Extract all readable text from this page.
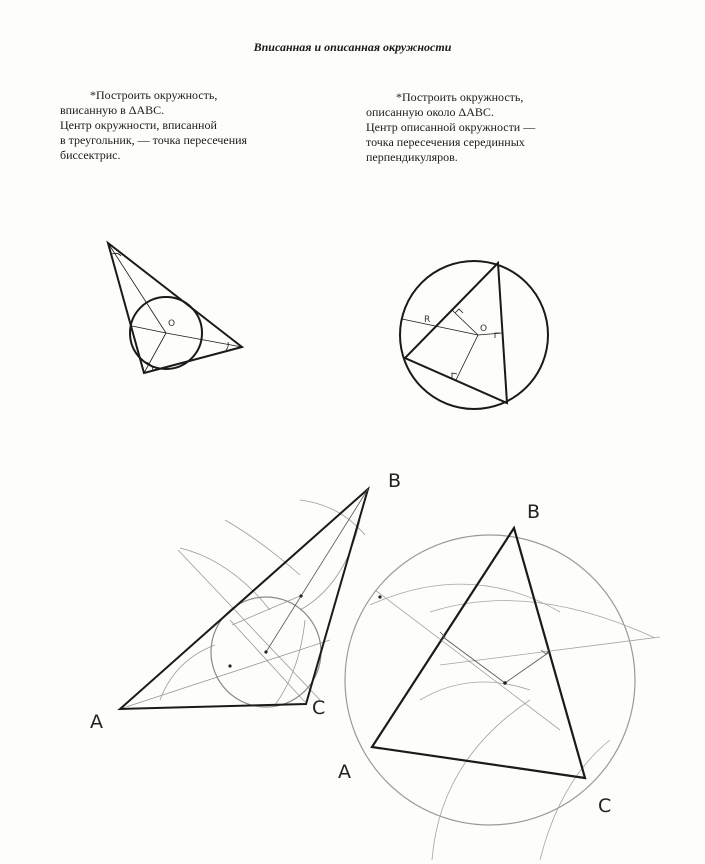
Вписанная и описанная окружности

*Построить окружность,

вписанную в ΔABC.

Центр окружности, вписанной

в треугольник, — точка пересечения

биссектрис.

*Построить окружность,

описанную около ΔABC.

Центр описанной окружности —

точка пересечения серединных

перпендикуляров.

O	O
R
B
A
C
B
A
C
